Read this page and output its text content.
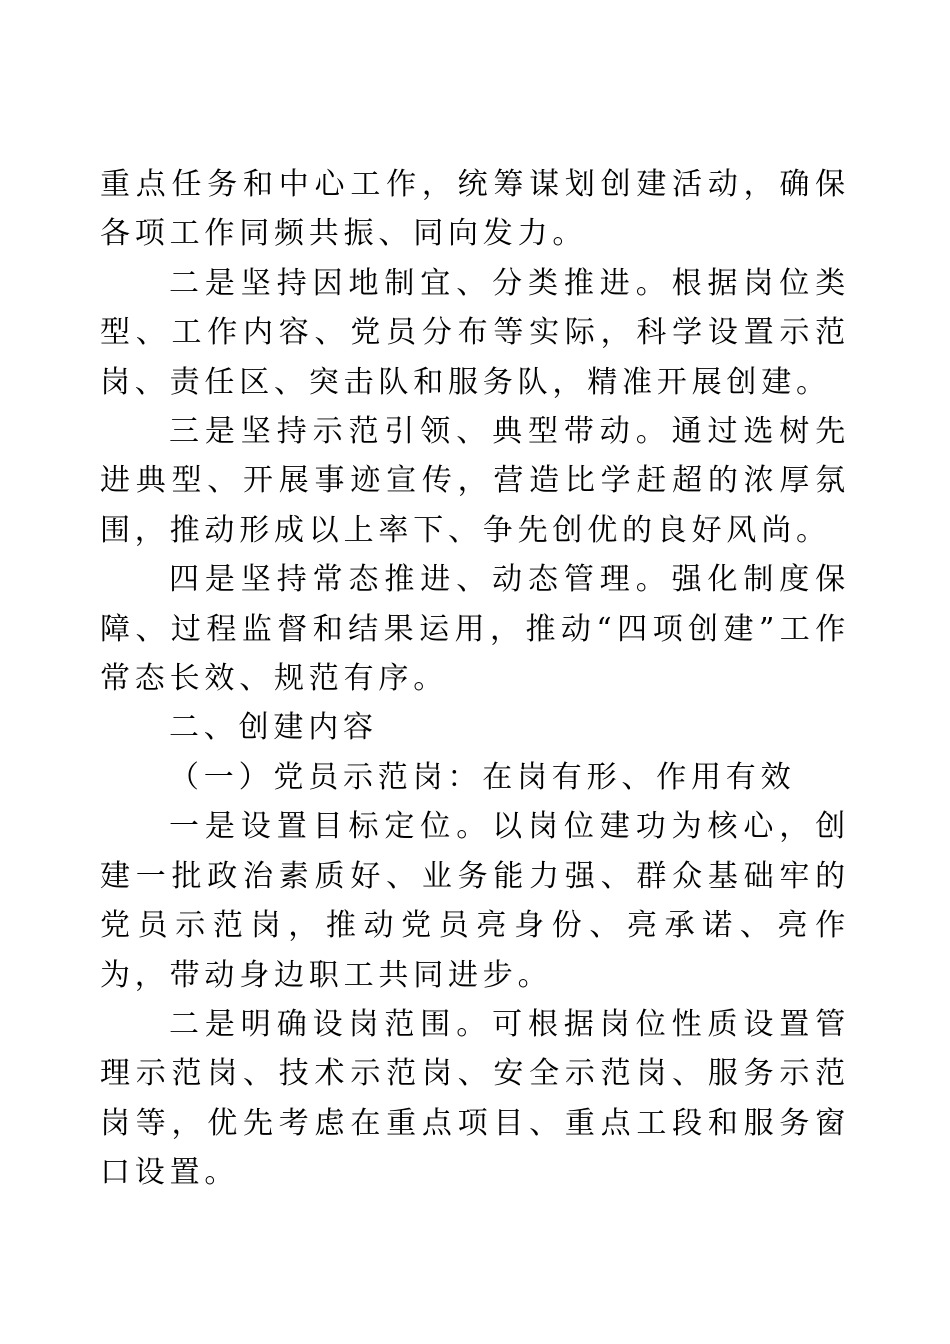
重点任务和中心工作，统筹谋划创建活动，确保各项工作同频共振、同向发力。

二是坚持因地制宜、分类推进。根据岗位类型、工作内容、党员分布等实际，科学设置示范岗、责任区、突击队和服务队，精准开展创建。

三是坚持示范引领、典型带动。通过选树先进典型、开展事迹宣传，营造比学赶超的浓厚氛围，推动形成以上率下、争先创优的良好风尚。

四是坚持常态推进、动态管理。强化制度保障、过程监督和结果运用，推动“四项创建”工作常态长效、规范有序。

二、创建内容

（一）党员示范岗：在岗有形、作用有效

一是设置目标定位。以岗位建功为核心，创建一批政治素质好、业务能力强、群众基础牢的党员示范岗，推动党员亮身份、亮承诺、亮作为，带动身边职工共同进步。

二是明确设岗范围。可根据岗位性质设置管理示范岗、技术示范岗、安全示范岗、服务示范岗等，优先考虑在重点项目、重点工段和服务窗口设置。
